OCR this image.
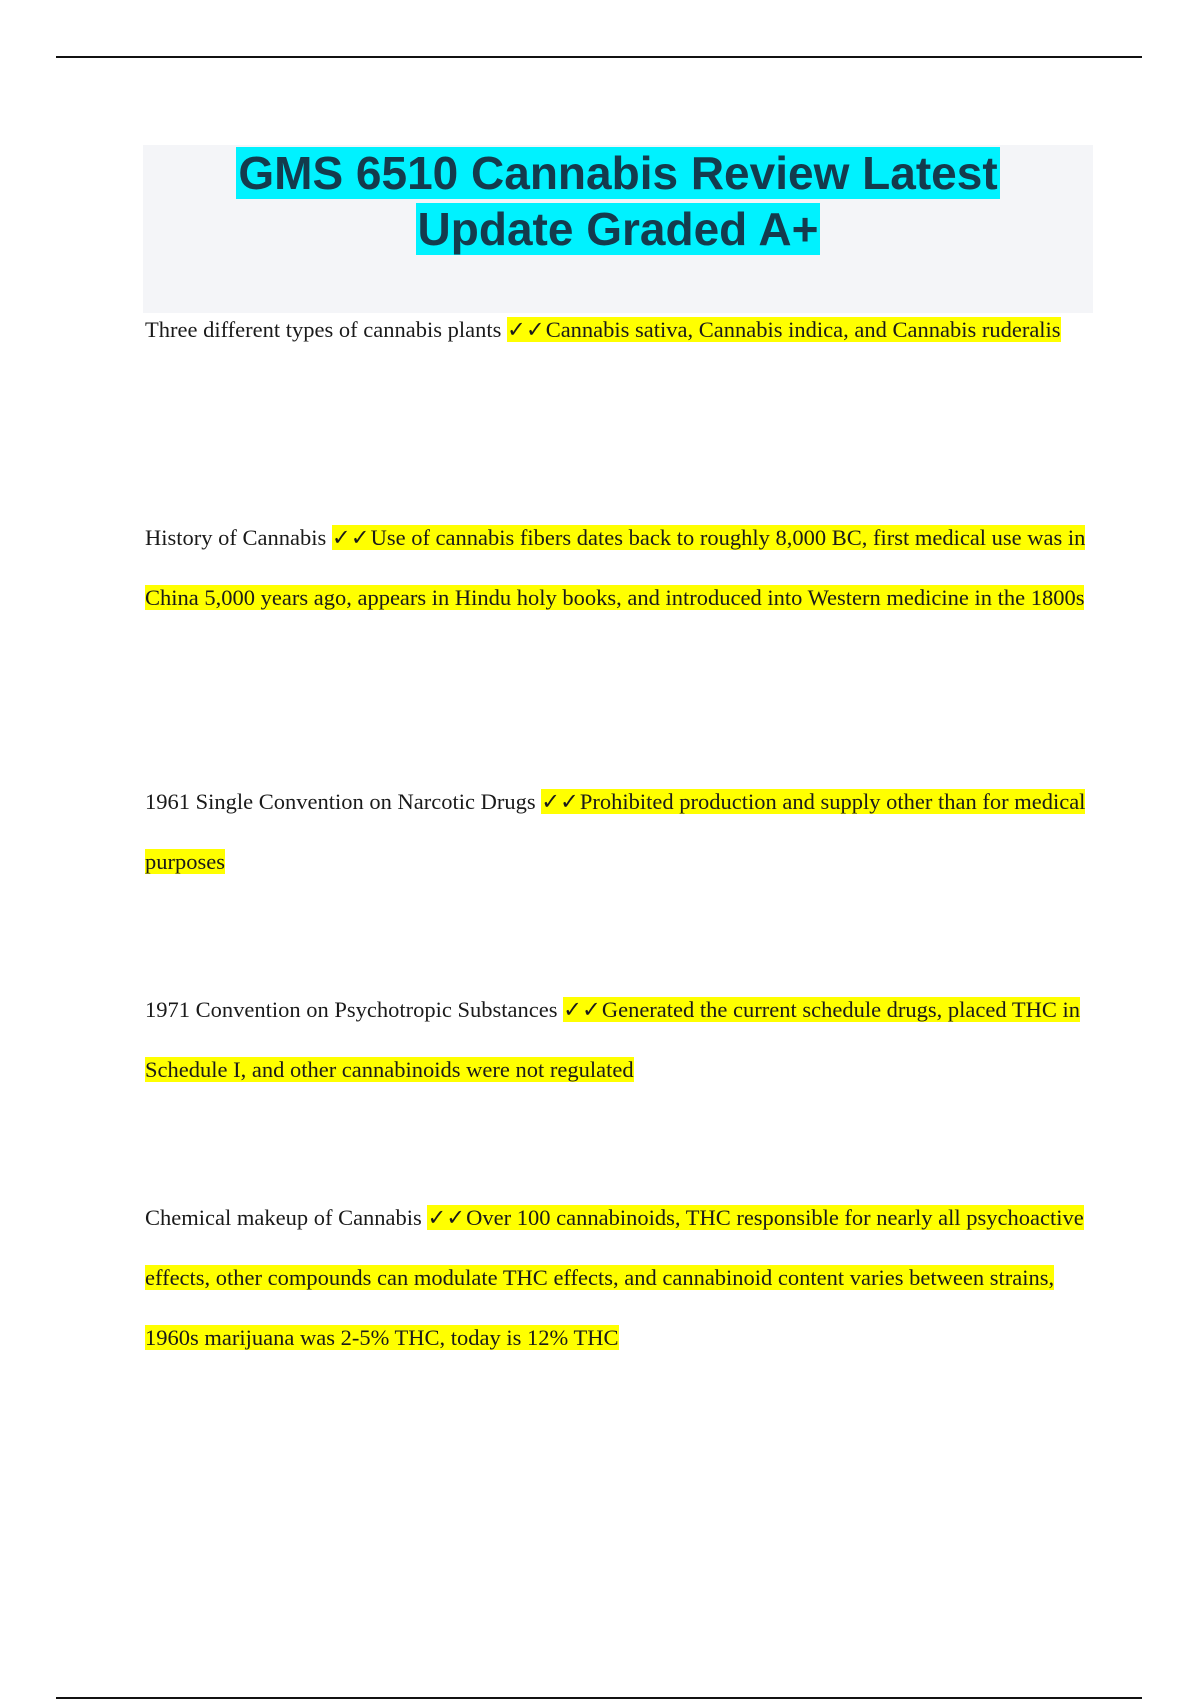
GMS 6510 Cannabis Review Latest
Update Graded A+

Three different types of cannabis plants ✓✓Cannabis sativa, Cannabis indica, and Cannabis ruderalis

History of Cannabis ✓✓Use of cannabis fibers dates back to roughly 8,000 BC, first medical use was in China 5,000 years ago, appears in Hindu holy books, and introduced into Western medicine in the 1800s

1961 Single Convention on Narcotic Drugs ✓✓Prohibited production and supply other than for medical purposes

1971 Convention on Psychotropic Substances ✓✓Generated the current schedule drugs, placed THC in Schedule I, and other cannabinoids were not regulated

Chemical makeup of Cannabis ✓✓Over 100 cannabinoids, THC responsible for nearly all psychoactive effects, other compounds can modulate THC effects, and cannabinoid content varies between strains, 1960s marijuana was 2-5% THC, today is 12% THC
